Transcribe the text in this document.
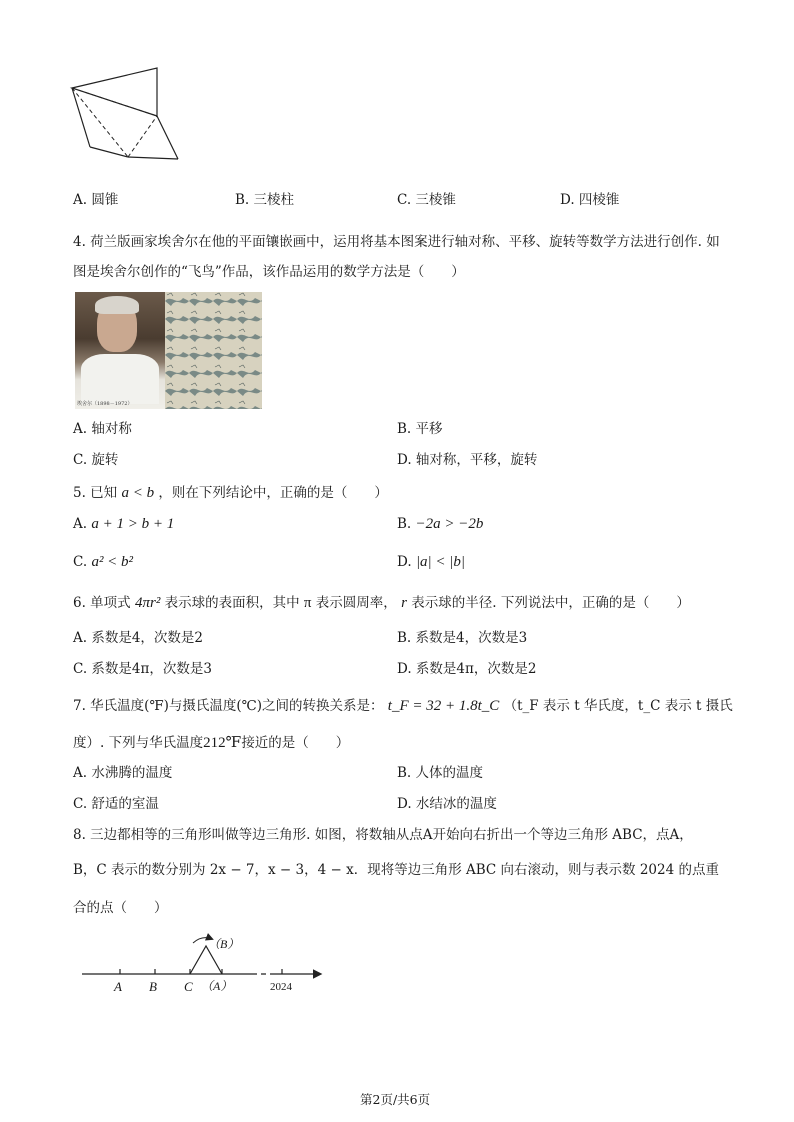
A. 圆锥	B. 三棱柱	C. 三棱锥	D. 四棱锥
4. 荷兰版画家埃舍尔在他的平面镶嵌画中，运用将基本图案进行轴对称、平移、旋转等数学方法进行创作. 如
图是埃舍尔创作的“飞鸟”作品，该作品运用的数学方法是（　　）
埃舍尔（1898－1972）
A. 轴对称	B. 平移
C. 旋转	D. 轴对称，平移，旋转
5. 已知 a < b ，则在下列结论中，正确的是（　　）
A. a + 1 > b + 1	B. −2a > −2b
C. a² < b²	D. |a| < |b|
6. 单项式 4πr² 表示球的表面积，其中 π 表示圆周率， r 表示球的半径. 下列说法中，正确的是（　　）
A. 系数是4，次数是2	B. 系数是4，次数是3
C. 系数是4π，次数是3	D. 系数是4π，次数是2
7. 华氏温度(℉)与摄氏温度(℃)之间的转换关系是： t_F = 32 + 1.8t_C （t_F 表示 t 华氏度，t_C 表示 t 摄氏
度）. 下列与华氏温度212℉接近的是（　　）
A. 水沸腾的温度	B. 人体的温度
C. 舒适的室温	D. 水结冰的温度
8. 三边都相等的三角形叫做等边三角形. 如图，将数轴从点A开始向右折出一个等边三角形 ABC，点A，
B，C 表示的数分别为 2x − 7，x − 3，4 − x．现将等边三角形 ABC 向右滚动，则与表示数 2024 的点重
合的点（　　）
A B C （A）
（B）
2024
第2页/共6页
